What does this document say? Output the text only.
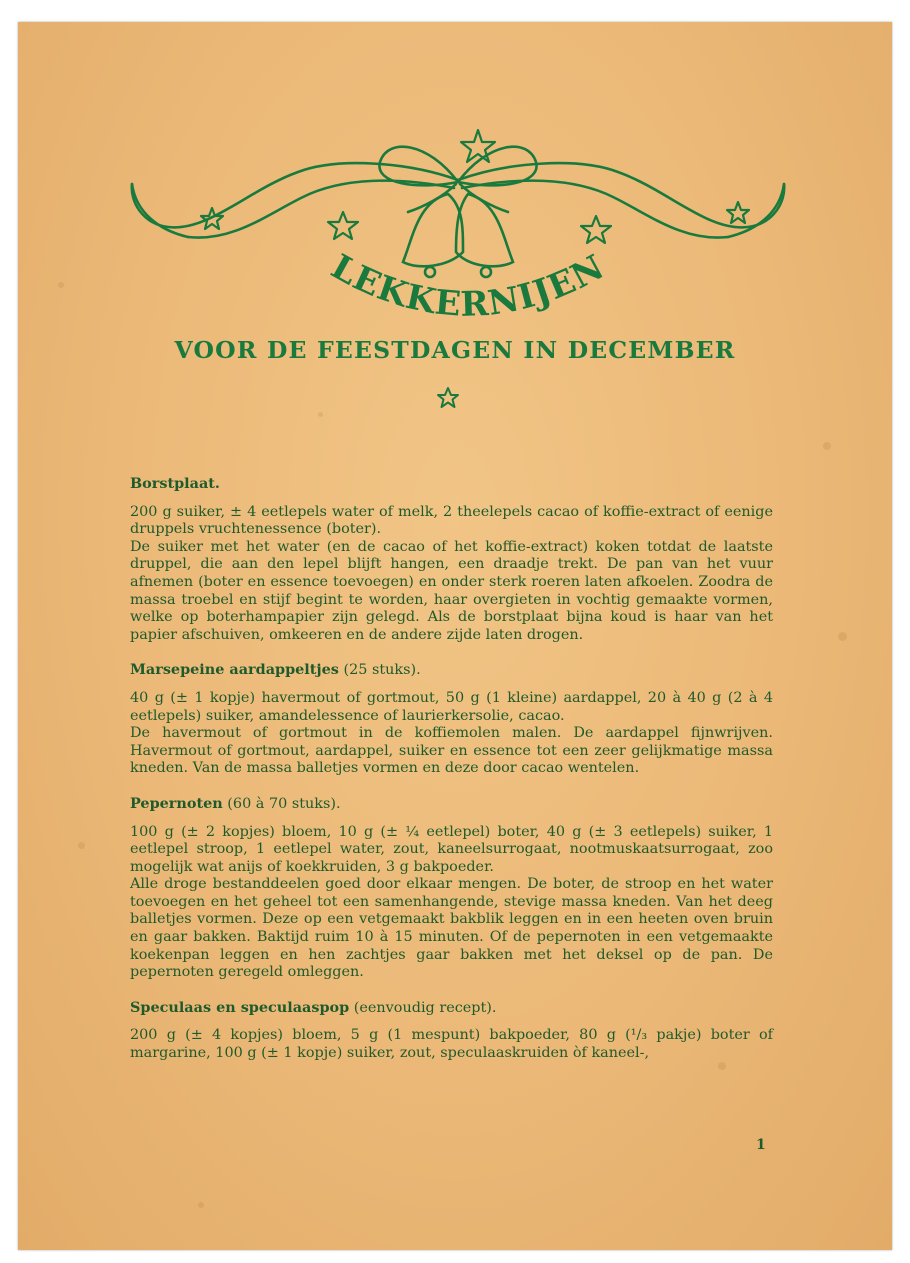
LEKKERNIJEN
VOOR DE FEESTDAGEN IN DECEMBER

Borstplaat.

200 g suiker, ± 4 eetlepels water of melk, 2 theelepels cacao of koffie-extract of eenige druppels vruchtenessence (boter).

De suiker met het water (en de cacao of het koffie-extract) koken totdat de laatste druppel, die aan den lepel blijft hangen, een draadje trekt. De pan van het vuur afnemen (boter en essence toevoegen) en onder sterk roeren laten afkoelen. Zoodra de massa troebel en stijf begint te worden, haar overgieten in vochtig gemaakte vormen, welke op boterhampapier zijn gelegd. Als de borstplaat bijna koud is haar van het papier afschuiven, omkeeren en de andere zijde laten drogen.

Marsepeine aardappeltjes (25 stuks).

40 g (± 1 kopje) havermout of gortmout, 50 g (1 kleine) aardappel, 20 à 40 g (2 à 4 eetlepels) suiker, amandelessence of laurierkersolie, cacao.

De havermout of gortmout in de koffiemolen malen. De aardappel fijnwrijven. Havermout of gortmout, aardappel, suiker en essence tot een zeer gelijkmatige massa kneden. Van de massa balletjes vormen en deze door cacao wentelen.

Pepernoten (60 à 70 stuks).

100 g (± 2 kopjes) bloem, 10 g (± ¼ eetlepel) boter, 40 g (± 3 eetlepels) suiker, 1 eetlepel stroop, 1 eetlepel water, zout, kaneelsurrogaat, nootmuskaatsurrogaat, zoo mogelijk wat anijs of koekkruiden, 3 g bakpoeder.

Alle droge bestanddeelen goed door elkaar mengen. De boter, de stroop en het water toevoegen en het geheel tot een samenhangende, stevige massa kneden. Van het deeg balletjes vormen. Deze op een vetgemaakt bakblik leggen en in een heeten oven bruin en gaar bakken. Baktijd ruim 10 à 15 minuten. Of de pepernoten in een vetgemaakte koekenpan leggen en hen zachtjes gaar bakken met het deksel op de pan. De pepernoten geregeld omleggen.

Speculaas en speculaaspop (eenvoudig recept).

200 g (± 4 kopjes) bloem, 5 g (1 mespunt) bakpoeder, 80 g (¹/₃ pakje) boter of margarine, 100 g (± 1 kopje) suiker, zout, speculaaskruiden òf kaneel-,

1
